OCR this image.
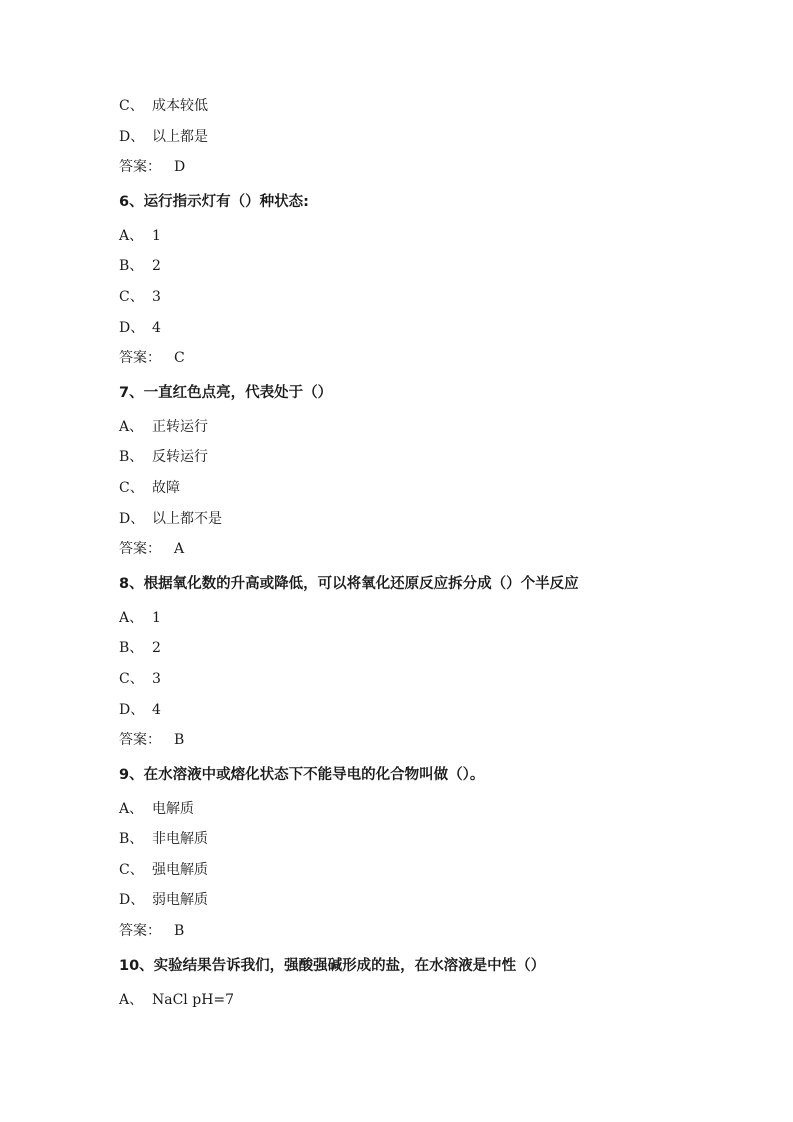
C、 成本较低
D、 以上都是
答案： D
6、运行指示灯有（）种状态:
A、 1
B、 2
C、 3
D、 4
答案： C
7、一直红色点亮，代表处于（）
A、 正转运行
B、 反转运行
C、 故障
D、 以上都不是
答案： A
8、根据氧化数的升高或降低，可以将氧化还原反应拆分成（）个半反应
A、 1
B、 2
C、 3
D、 4
答案： B
9、在水溶液中或熔化状态下不能导电的化合物叫做（）。
A、 电解质
B、 非电解质
C、 强电解质
D、 弱电解质
答案： B
10、实验结果告诉我们，强酸强碱形成的盐，在水溶液是中性（）
A、 NaCl pH=7
